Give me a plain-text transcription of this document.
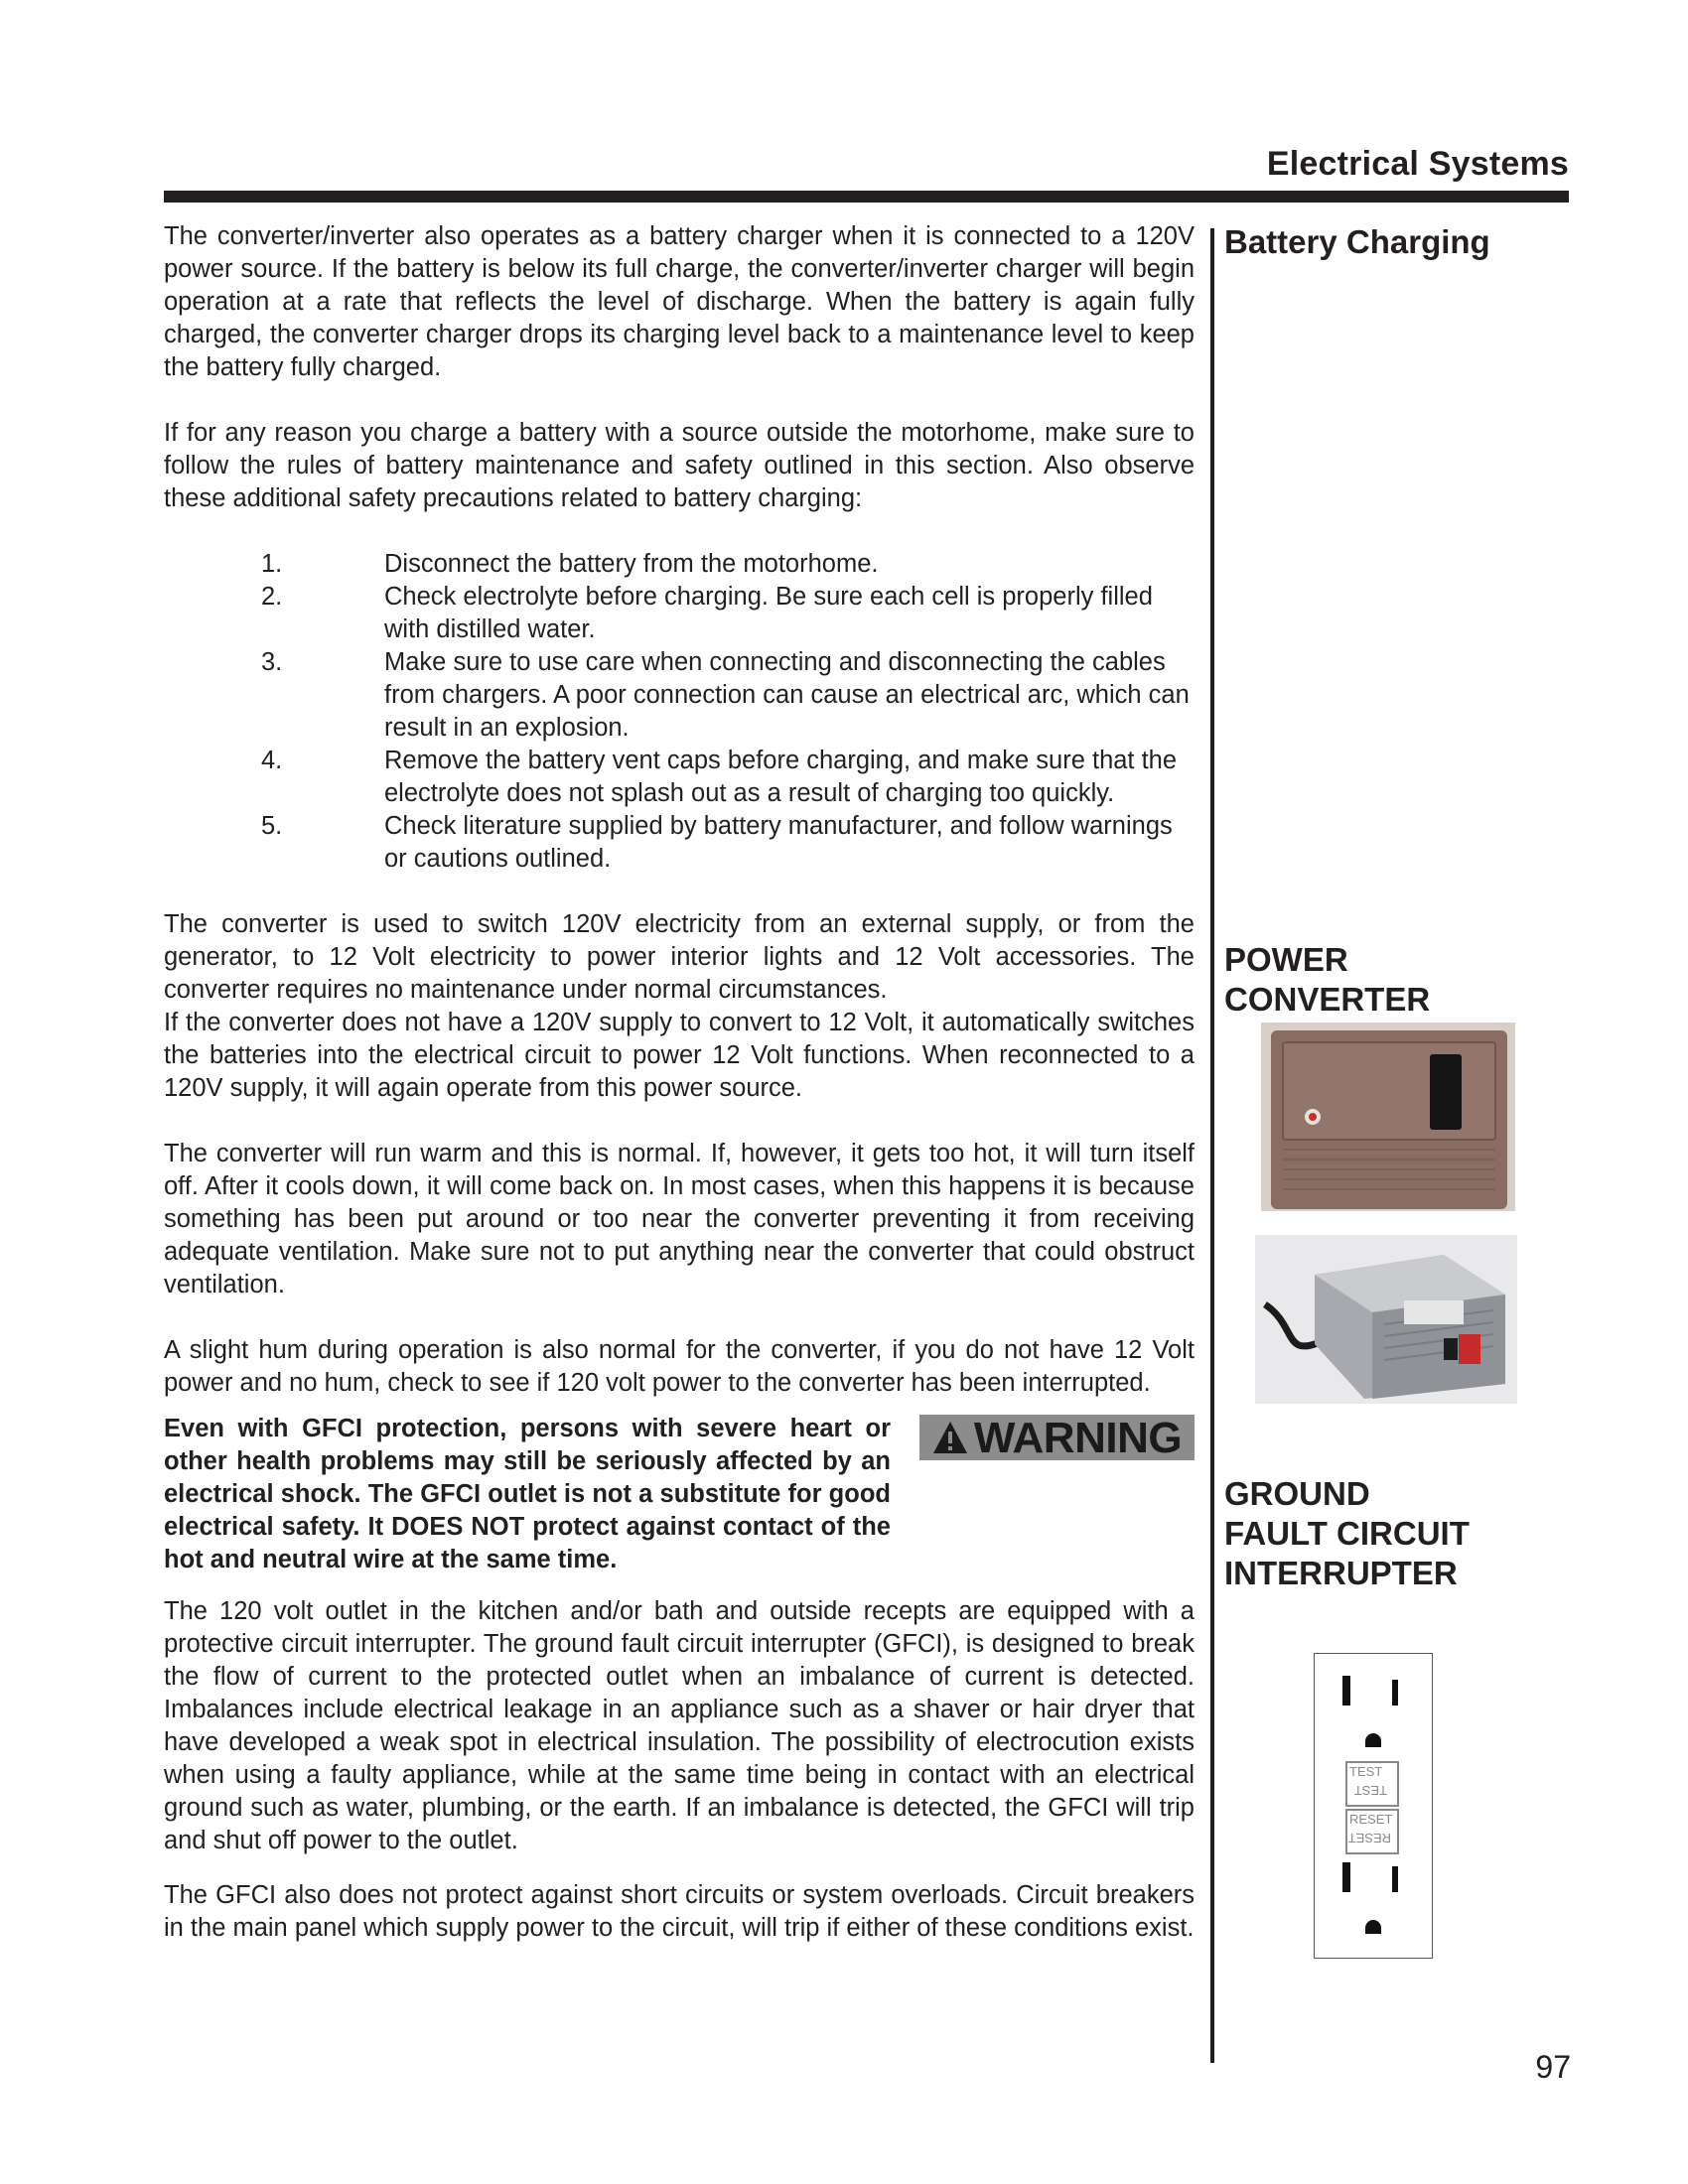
Electrical Systems

The converter/inverter also operates as a battery charger when it is connected to a 120V power source. If the battery is below its full charge, the converter/inverter charger will begin operation at a rate that reflects the level of discharge. When the battery is again fully charged, the converter charger drops its charging level back to a maintenance level to keep the battery fully charged.

If for any reason you charge a battery with a source outside the motorhome, make sure to follow the rules of battery maintenance and safety outlined in this section. Also observe these additional safety precautions related to battery charging:

1.	Disconnect the battery from the motorhome.
2.	Check electrolyte before charging. Be sure each cell is properly filled with distilled water.
3.	Make sure to use care when connecting and disconnecting the cables from chargers. A poor connection can cause an electrical arc, which can result in an explosion.
4.	Remove the battery vent caps before charging, and make sure that the electrolyte does not splash out as a result of charging too quickly.
5.	Check literature supplied by battery manufacturer, and follow warnings or cautions outlined.

The converter is used to switch 120V electricity from an external supply, or from the generator, to 12 Volt electricity to power interior lights and 12 Volt accessories. The converter requires no maintenance under normal circumstances.

If the converter does not have a 120V supply to convert to 12 Volt, it automatically switches the batteries into the electrical circuit to power 12 Volt functions. When reconnected to a 120V supply, it will again operate from this power source.

The converter will run warm and this is normal. If, however, it gets too hot, it will turn itself off. After it cools down, it will come back on. In most cases, when this happens it is because something has been put around or too near the converter preventing it from receiving adequate ventilation. Make sure not to put anything near the converter that could obstruct ventilation.

A slight hum during operation is also normal for the converter, if you do not have 12 Volt power and no hum, check to see if 120 volt power to the converter has been interrupted.

Even with GFCI protection, persons with severe heart or other health problems may still be seriously affected by an electrical shock. The GFCI outlet is not a substitute for good electrical safety. It DOES NOT protect against contact of the hot and neutral wire at the same time.
WARNING

The 120 volt outlet in the kitchen and/or bath and outside recepts are equipped with a protective circuit interrupter. The ground fault circuit interrupter (GFCI), is designed to break the flow of current to the protected outlet when an imbalance of current is detected. Imbalances include electrical leakage in an appliance such as a shaver or hair dryer that have developed a weak spot in electrical insulation. The possibility of electrocution exists when using a faulty appliance, while at the same time being in contact with an electrical ground such as water, plumbing, or the earth. If an imbalance is detected, the GFCI will trip and shut off power to the outlet.

The GFCI also does not protect against short circuits or system overloads. Circuit breakers in the main panel which supply power to the circuit, will trip if either of these conditions exist.

Battery Charging
POWER
CONVERTER
GROUND
FAULT CIRCUIT
INTERRUPTER
TEST
TEST
RESET
RESET
97
